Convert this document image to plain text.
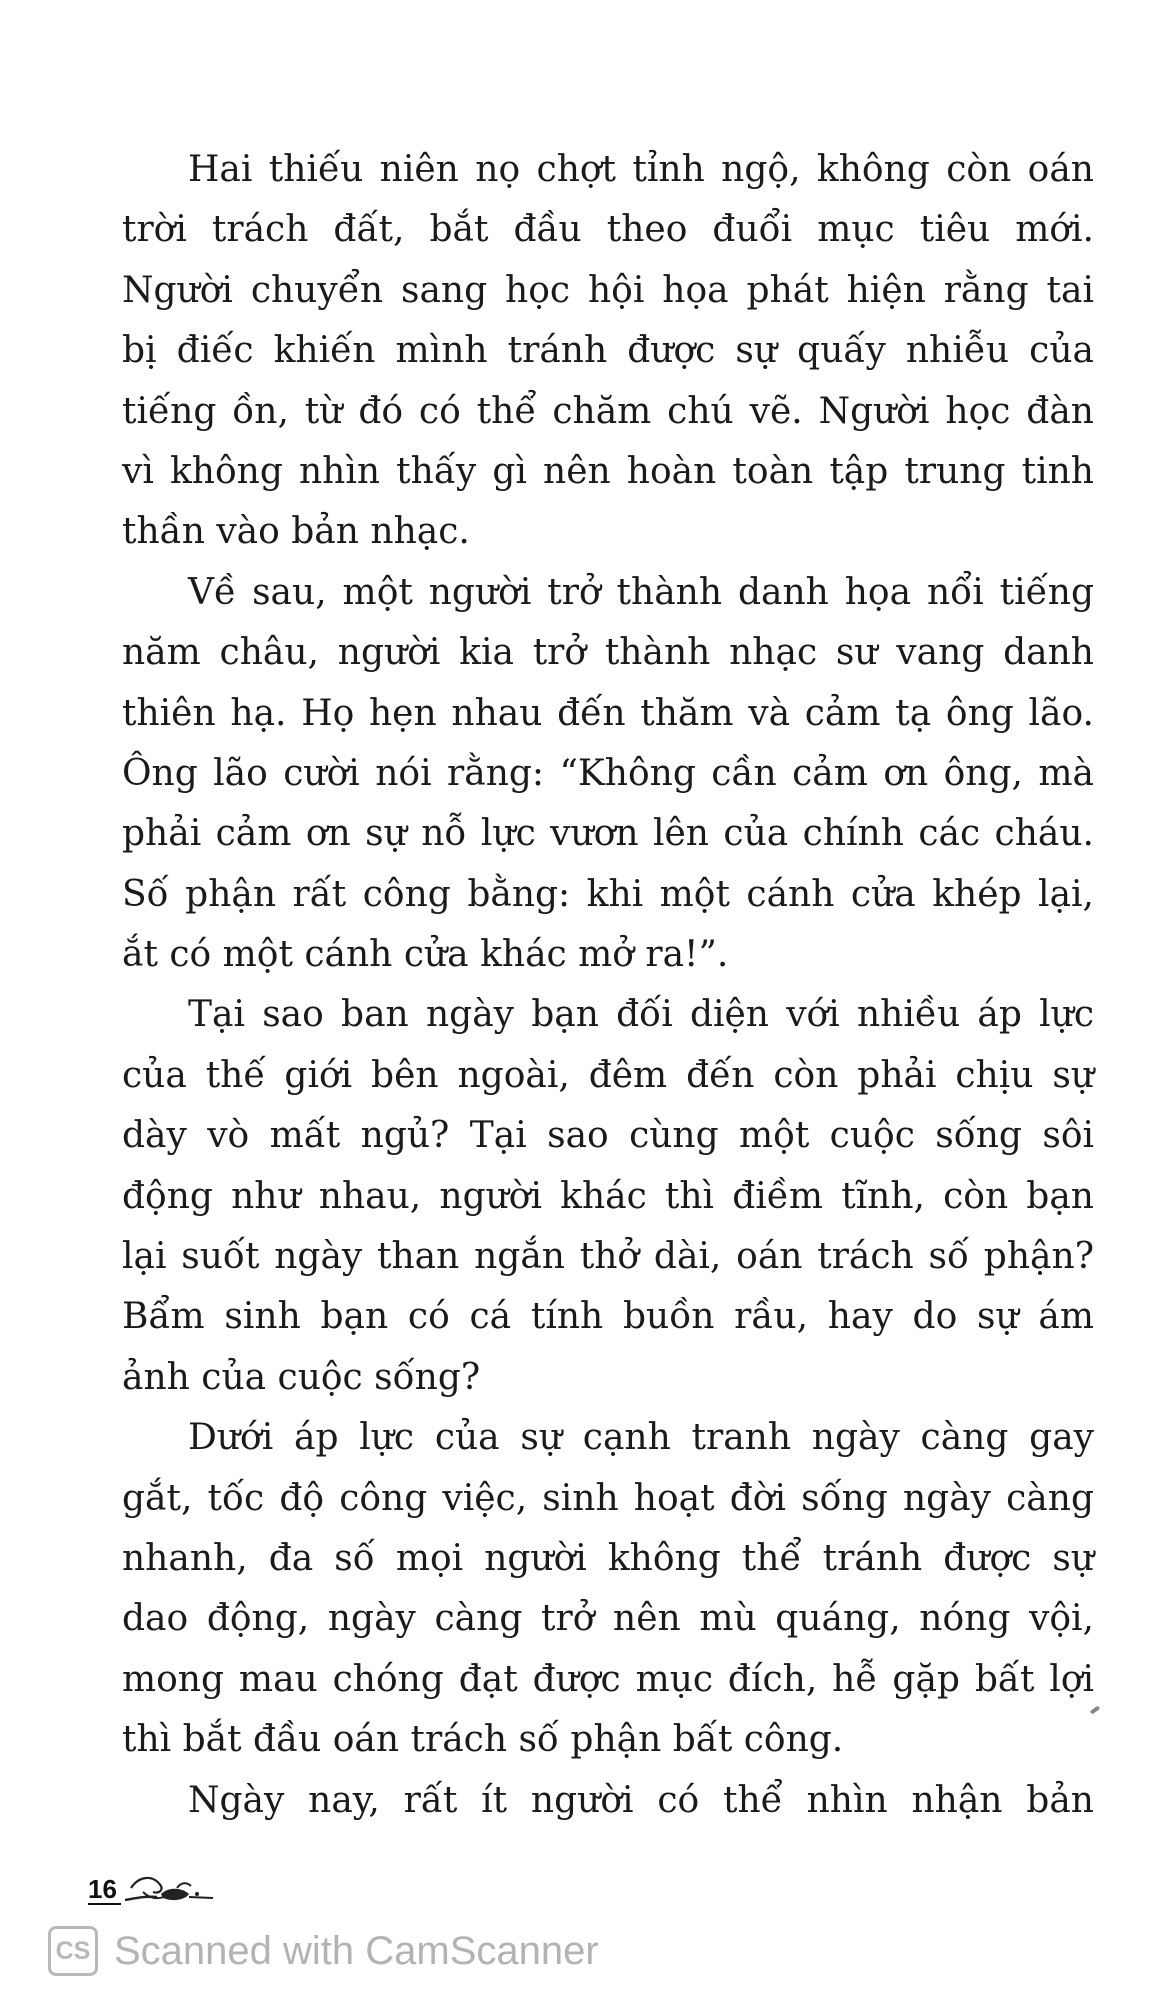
Hai thiếu niên nọ chợt tỉnh ngộ, không còn oán
trời trách đất, bắt đầu theo đuổi mục tiêu mới.
Người chuyển sang học hội họa phát hiện rằng tai
bị điếc khiến mình tránh được sự quấy nhiễu của
tiếng ồn, từ đó có thể chăm chú vẽ. Người học đàn
vì không nhìn thấy gì nên hoàn toàn tập trung tinh
thần vào bản nhạc.
Về sau, một người trở thành danh họa nổi tiếng
năm châu, người kia trở thành nhạc sư vang danh
thiên hạ. Họ hẹn nhau đến thăm và cảm tạ ông lão.
Ông lão cười nói rằng: “Không cần cảm ơn ông, mà
phải cảm ơn sự nỗ lực vươn lên của chính các cháu.
Số phận rất công bằng: khi một cánh cửa khép lại,
ắt có một cánh cửa khác mở ra!”.
Tại sao ban ngày bạn đối diện với nhiều áp lực
của thế giới bên ngoài, đêm đến còn phải chịu sự
dày vò mất ngủ? Tại sao cùng một cuộc sống sôi
động như nhau, người khác thì điềm tĩnh, còn bạn
lại suốt ngày than ngắn thở dài, oán trách số phận?
Bẩm sinh bạn có cá tính buồn rầu, hay do sự ám
ảnh của cuộc sống?
Dưới áp lực của sự cạnh tranh ngày càng gay
gắt, tốc độ công việc, sinh hoạt đời sống ngày càng
nhanh, đa số mọi người không thể tránh được sự
dao động, ngày càng trở nên mù quáng, nóng vội,
mong mau chóng đạt được mục đích, hễ gặp bất lợi
thì bắt đầu oán trách số phận bất công.
Ngày nay, rất ít người có thể nhìn nhận bản
16
CS Scanned with CamScanner
